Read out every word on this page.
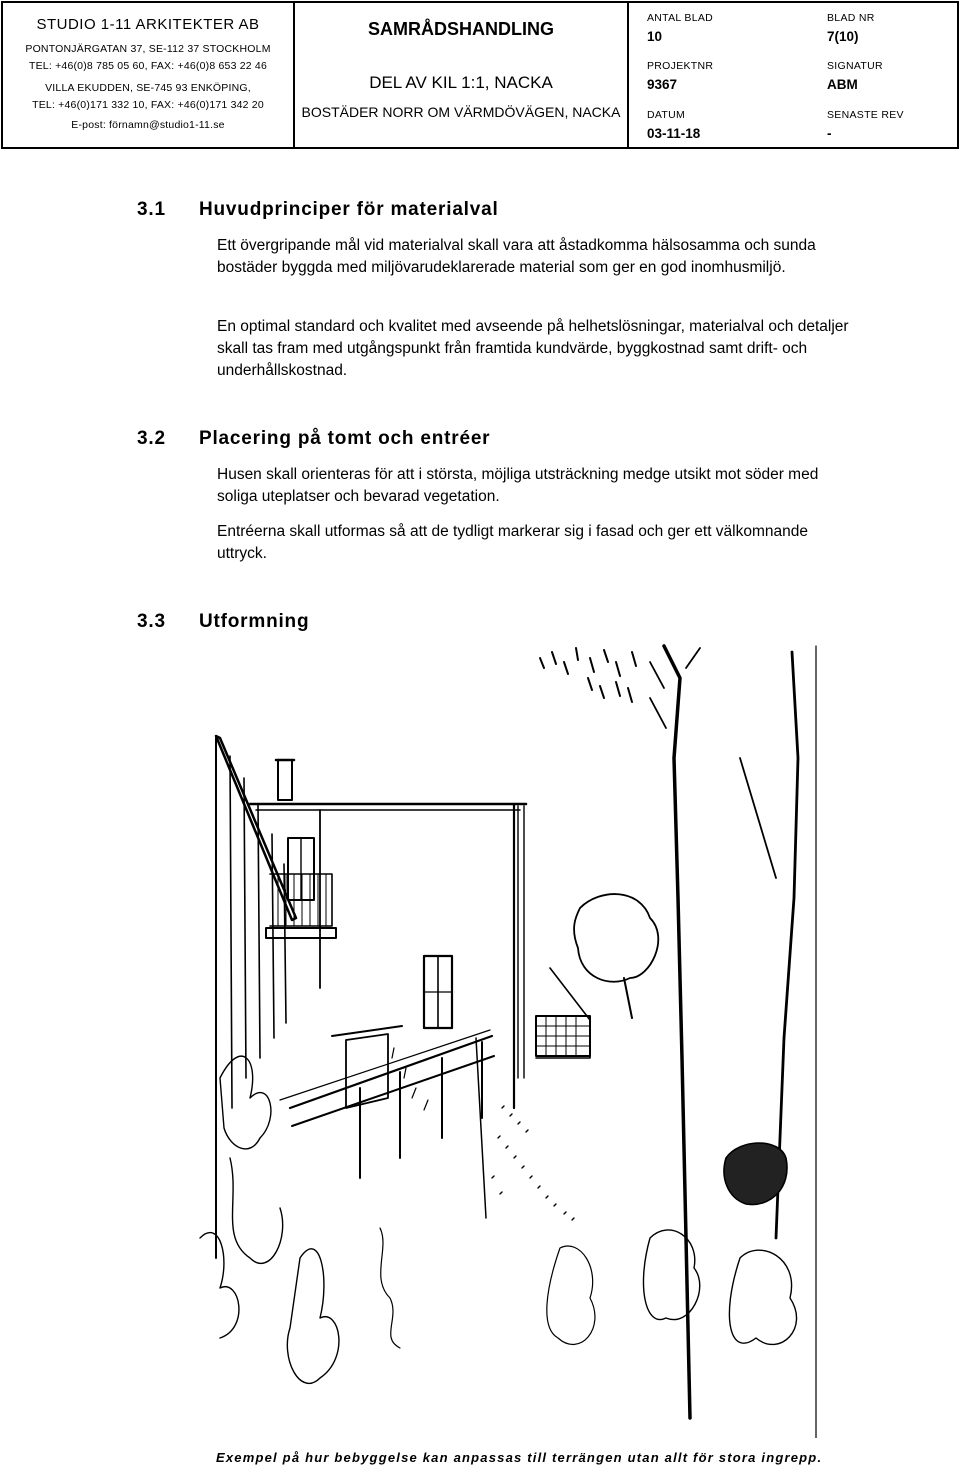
STUDIO 1-11 ARKITEKTER AB
PONTONJÄRGATAN 37, SE-112 37 STOCKHOLM
TEL: +46(0)8 785 05 60, FAX: +46(0)8 653 22 46
VILLA EKUDDEN, SE-745 93 ENKÖPING,
TEL: +46(0)171 332 10, FAX: +46(0)171 342 20
E-post: förnamn@studio1-11.se
SAMRÅDSHANDLING
DEL AV KIL 1:1, NACKA
BOSTÄDER NORR OM VÄRMDÖVÄGEN, NACKA
ANTAL BLAD
10
PROJEKTNR
9367
DATUM
03-11-18
BLAD NR
7(10)
SIGNATUR
ABM
SENASTE REV
-
3.1 Huvudprinciper för materialval

Ett övergripande mål vid materialval skall vara att åstadkomma hälsosamma och sunda bostäder byggda med miljövarudeklarerade material som ger en god inomhusmiljö.

En optimal standard och kvalitet med avseende på helhetslösningar, materialval och detaljer skall tas fram med utgångspunkt från framtida kundvärde, byggkostnad samt drift- och underhållskostnad.

3.2 Placering på tomt och entréer

Husen skall orienteras för att i största, möjliga utsträckning medge utsikt mot söder med soliga uteplatser och bevarad vegetation.

Entréerna skall utformas så att de tydligt markerar sig i fasad och ger ett välkomnande uttryck.

3.3 Utformning
Exempel på hur bebyggelse kan anpassas till terrängen utan allt för stora ingrepp.
